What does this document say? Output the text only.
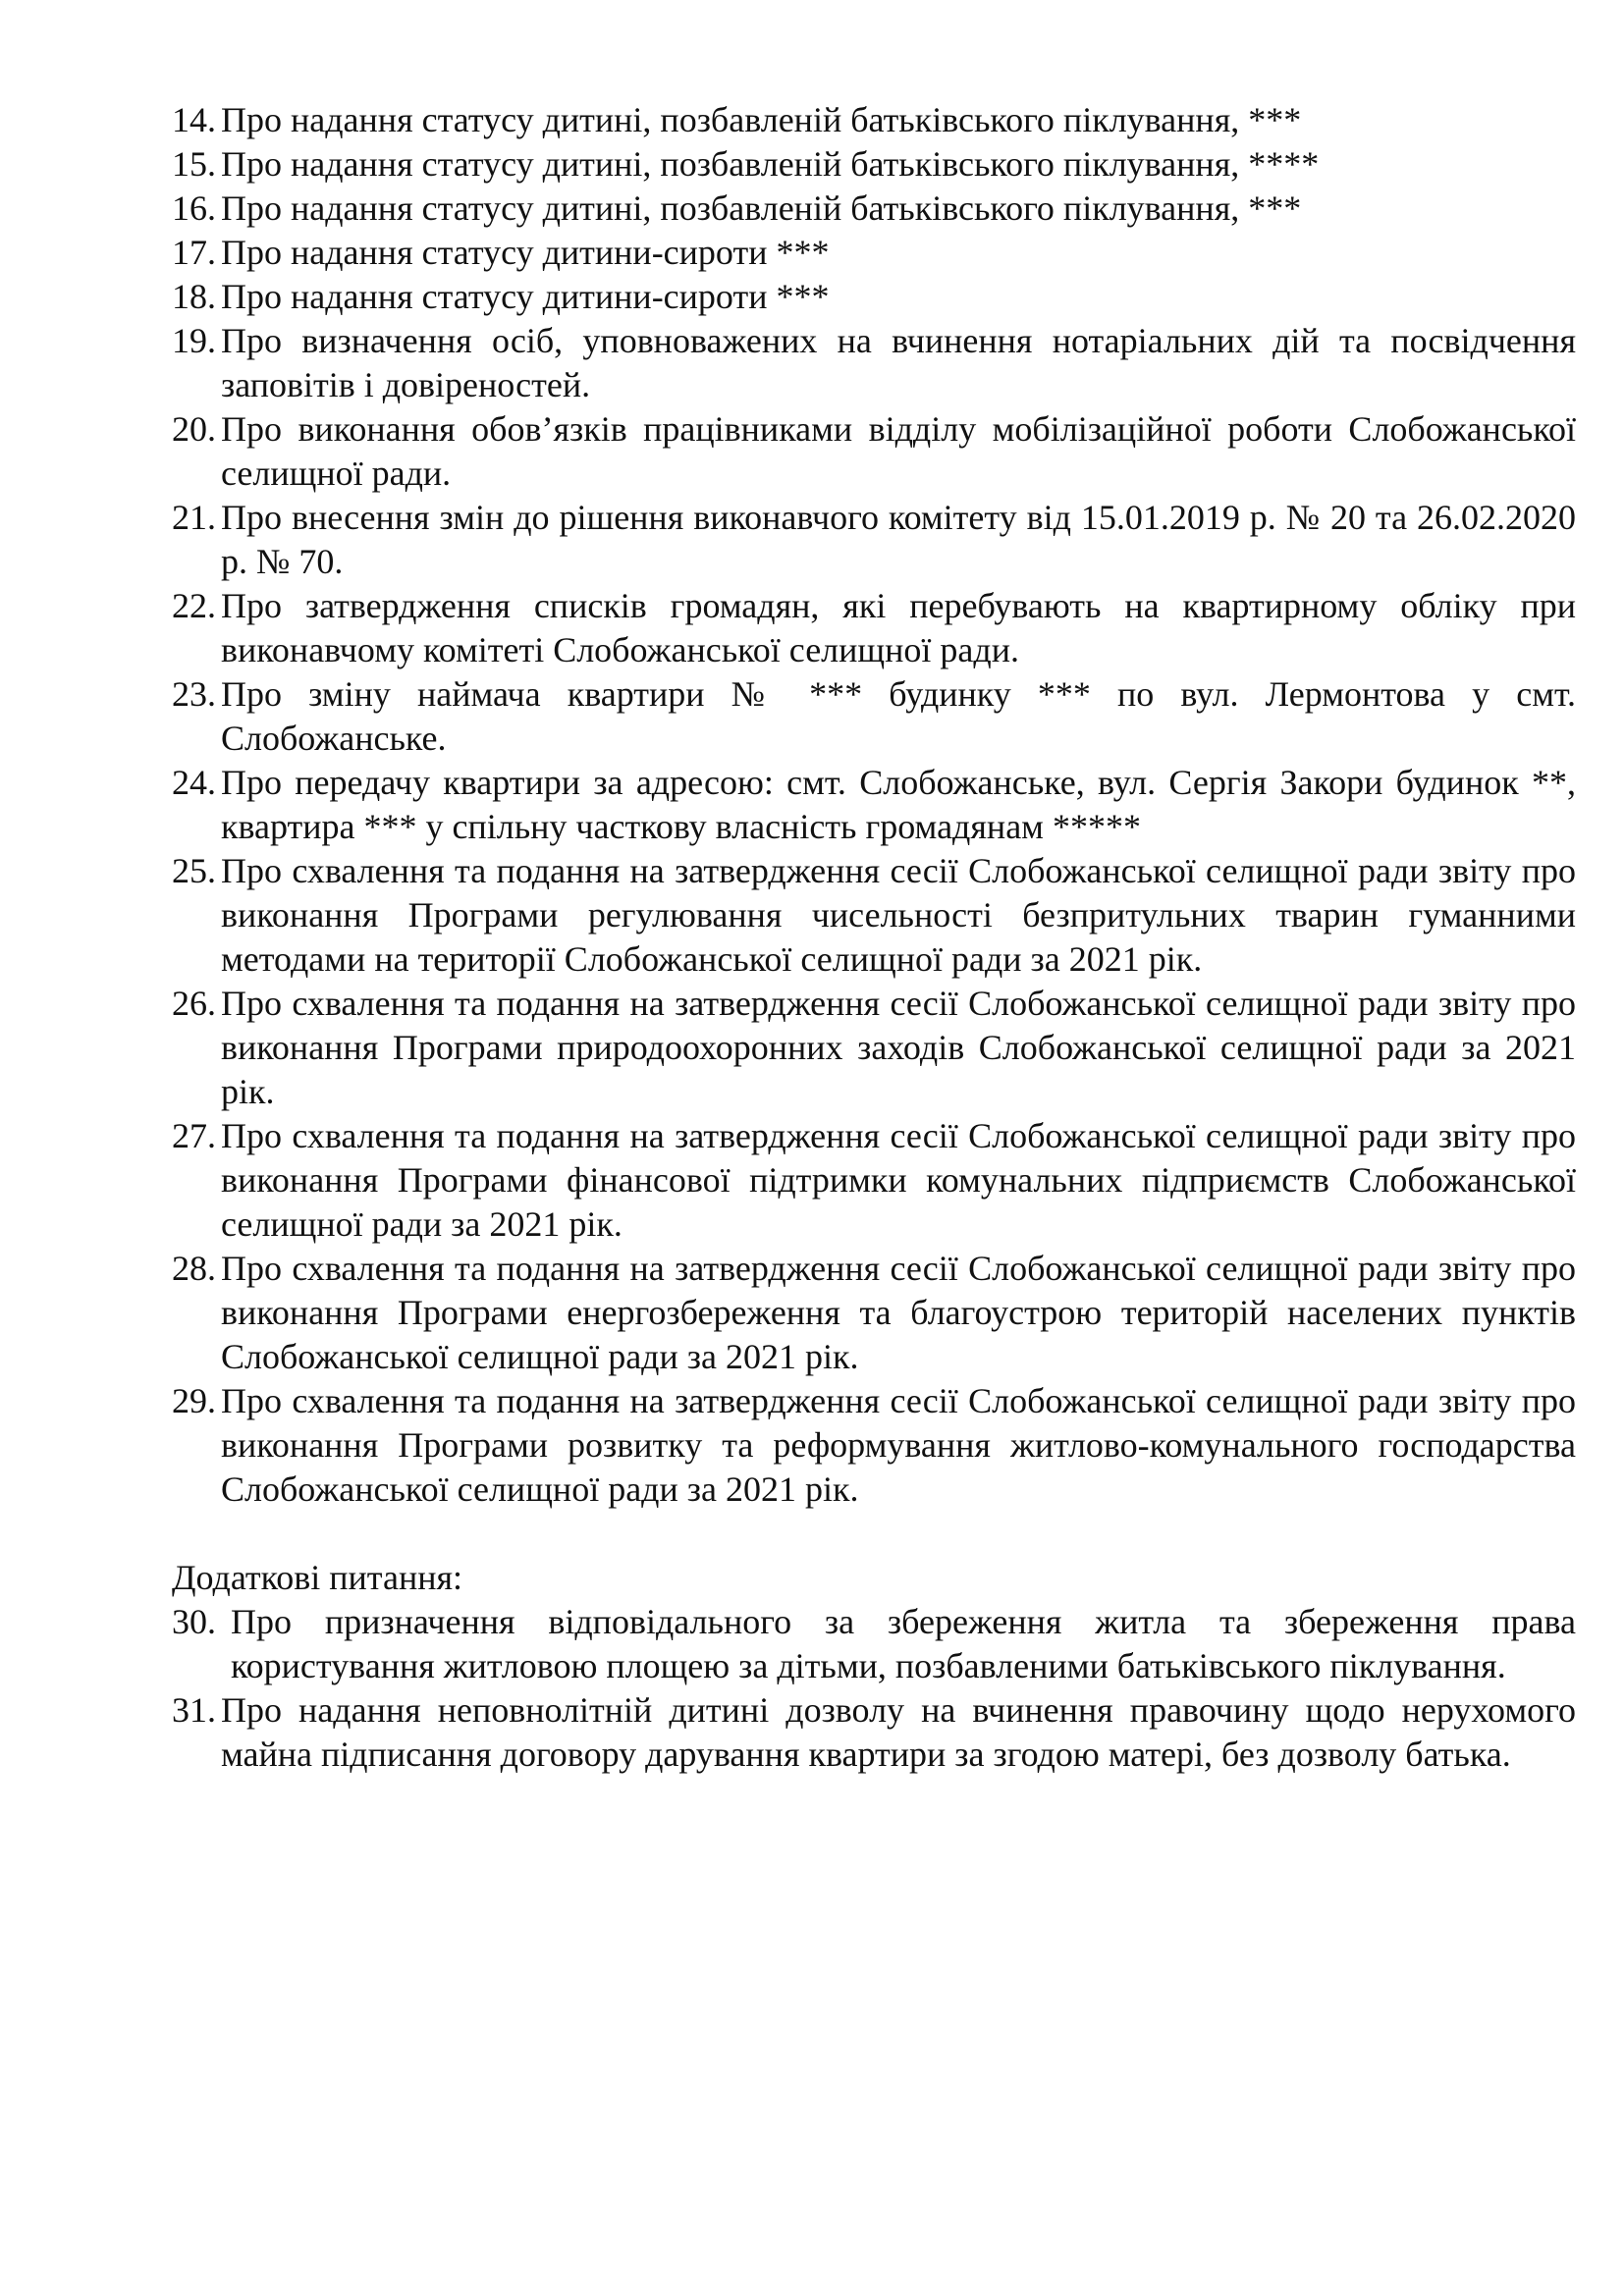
14. Про надання статусу дитині, позбавленій батьківського піклування, ***
15. Про надання статусу дитині, позбавленій батьківського піклування, ****
16. Про надання статусу дитині, позбавленій батьківського піклування, ***
17. Про надання статусу дитини-сироти ***
18. Про надання статусу дитини-сироти ***
19. Про визначення осіб, уповноважених на вчинення нотаріальних дій та посвідчення заповітів і довіреностей.
20. Про виконання обов’язків працівниками відділу мобілізаційної роботи Слобожанської селищної ради.
21. Про внесення змін до рішення виконавчого комітету від 15.01.2019 р. № 20 та 26.02.2020 р. № 70.
22. Про затвердження списків громадян, які перебувають на квартирному обліку при виконавчому комітеті Слобожанської селищної ради.
23. Про зміну наймача квартири № *** будинку *** по вул. Лермонтова у смт. Слобожанське.
24. Про передачу квартири за адресою: смт. Слобожанське, вул. Сергія Закори будинок **, квартира *** у спільну часткову власність громадянам *****
25. Про схвалення та подання на затвердження сесії Слобожанської селищної ради звіту про виконання Програми регулювання чисельності безпритульних тварин гуманними методами на території Слобожанської селищної ради за 2021 рік.
26. Про схвалення та подання на затвердження сесії Слобожанської селищної ради звіту про виконання Програми природоохоронних заходів Слобожанської селищної ради за 2021 рік.
27. Про схвалення та подання на затвердження сесії Слобожанської селищної ради звіту про виконання Програми фінансової підтримки комунальних підприємств Слобожанської селищної ради за 2021 рік.
28. Про схвалення та подання на затвердження сесії Слобожанської селищної ради звіту про виконання Програми енергозбереження та благоустрою територій населених пунктів Слобожанської селищної ради за 2021 рік.
29. Про схвалення та подання на затвердження сесії Слобожанської селищної ради звіту про виконання Програми розвитку та реформування житлово-комунального господарства Слобожанської селищної ради за 2021 рік.
Додаткові питання:
30. Про призначення відповідального за збереження житла та збереження права користування житловою площею за дітьми, позбавленими батьківського піклування.
31. Про надання неповнолітній дитині дозволу на вчинення правочину щодо нерухомого майна підписання договору дарування квартири за згодою матері, без дозволу батька.
